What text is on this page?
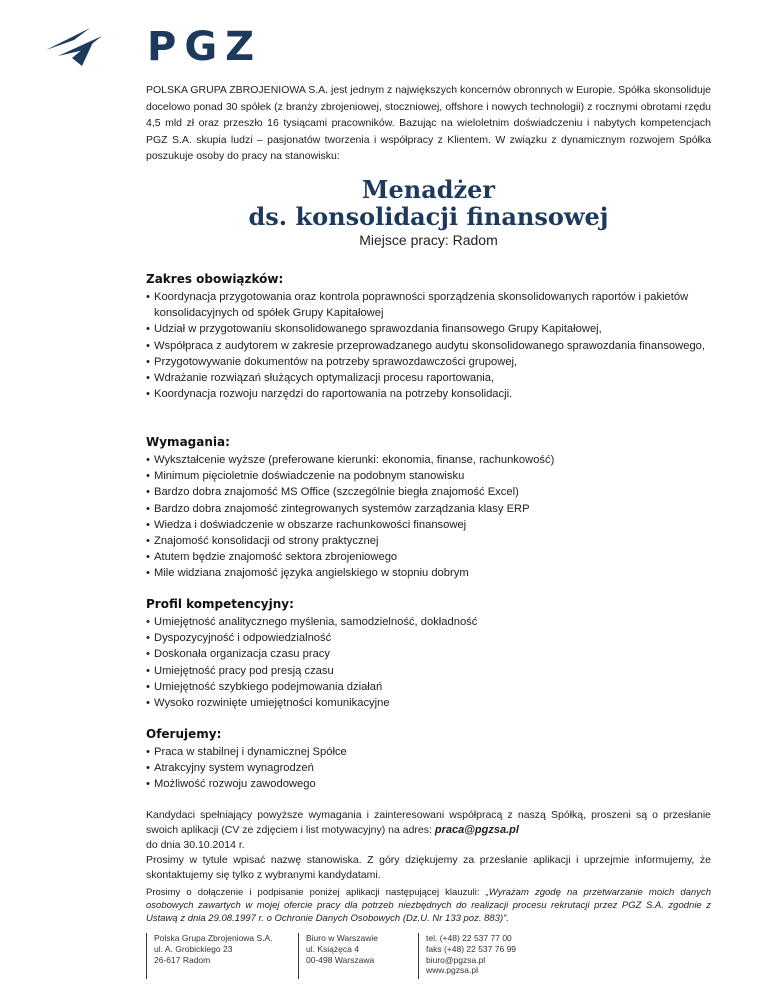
PGZ
POLSKA GRUPA ZBROJENIOWA S.A. jest jednym z największych koncernów obronnych w Europie. Spółka skonsoliduje docelowo ponad 30 spółek (z branży zbrojeniowej, stoczniowej, offshore i nowych technologii) z rocznymi obrotami rzędu 4,5 mld zł oraz przeszło 16 tysiącami pracowników. Bazując na wieloletnim doświadczeniu i nabytych kompetencjach PGZ S.A. skupia ludzi – pasjonatów tworzenia i współpracy z Klientem. W związku z dynamicznym rozwojem Spółka poszukuje osoby do pracy na stanowisku:
Menadżer
ds. konsolidacji finansowej
Miejsce pracy: Radom
Zakres obowiązków:
• Koordynacja przygotowania oraz kontrola poprawności sporządzenia skonsolidowanych raportów i pakietów konsolidacyjnych od spółek Grupy Kapitałowej
• Udział w przygotowaniu skonsolidowanego sprawozdania finansowego Grupy Kapitałowej,
• Współpraca z audytorem w zakresie przeprowadzanego audytu skonsolidowanego sprawozdania finansowego,
• Przygotowywanie dokumentów na potrzeby sprawozdawczości grupowej,
• Wdrażanie rozwiązań służących optymalizacji procesu raportowania,
• Koordynacja rozwoju narzędzi do raportowania na potrzeby konsolidacji.
Wymagania:
• Wykształcenie wyższe (preferowane kierunki: ekonomia, finanse, rachunkowość)
• Minimum pięcioletnie doświadczenie na podobnym stanowisku
• Bardzo dobra znajomość MS Office (szczególnie biegła znajomość Excel)
• Bardzo dobra znajomość zintegrowanych systemów zarządzania klasy ERP
• Wiedza i doświadczenie w obszarze rachunkowości finansowej
• Znajomość konsolidacji od strony praktycznej
• Atutem będzie znajomość sektora zbrojeniowego
• Mile widziana znajomość języka angielskiego w stopniu dobrym
Profil kompetencyjny:
• Umiejętność analitycznego myślenia, samodzielność, dokładność
• Dyspozycyjność i odpowiedzialność
• Doskonała organizacja czasu pracy
• Umiejętność pracy pod presją czasu
• Umiejętność szybkiego podejmowania działań
• Wysoko rozwinięte umiejętności komunikacyjne
Oferujemy:
• Praca w stabilnej i dynamicznej Spółce
• Atrakcyjny system wynagrodzeń
• Możliwość rozwoju zawodowego

Kandydaci spełniający powyższe wymagania i zainteresowani współpracą z naszą Spółką, proszeni są o przesłanie swoich aplikacji (CV ze zdjęciem i list motywacyjny) na adres: praca@pgzsa.pl

do dnia 30.10.2014 r.

Prosimy w tytule wpisać nazwę stanowiska. Z góry dziękujemy za przesłanie aplikacji i uprzejmie informujemy, że skontaktujemy się tylko z wybranymi kandydatami.

Prosimy o dołączenie i podpisanie poniżej aplikacji następującej klauzuli: „Wyrażam zgodę na przetwarzanie moich danych osobowych zawartych w mojej ofercie pracy dla potrzeb niezbędnych do realizacji procesu rekrutacji przez PGZ S.A. zgodnie z Ustawą z dnia 29.08.1997 r. o Ochronie Danych Osobowych (Dz.U. Nr 133 poz. 883)”.
Polska Grupa Zbrojeniowa S.A.
ul. A. Grobickiego 23
26-617 Radom
Biuro w Warszawie
ul. Książęca 4
00-498 Warszawa
tel. (+48) 22 537 77 00
faks (+48) 22 537 76 99
biuro@pgzsa.pl
www.pgzsa.pl
